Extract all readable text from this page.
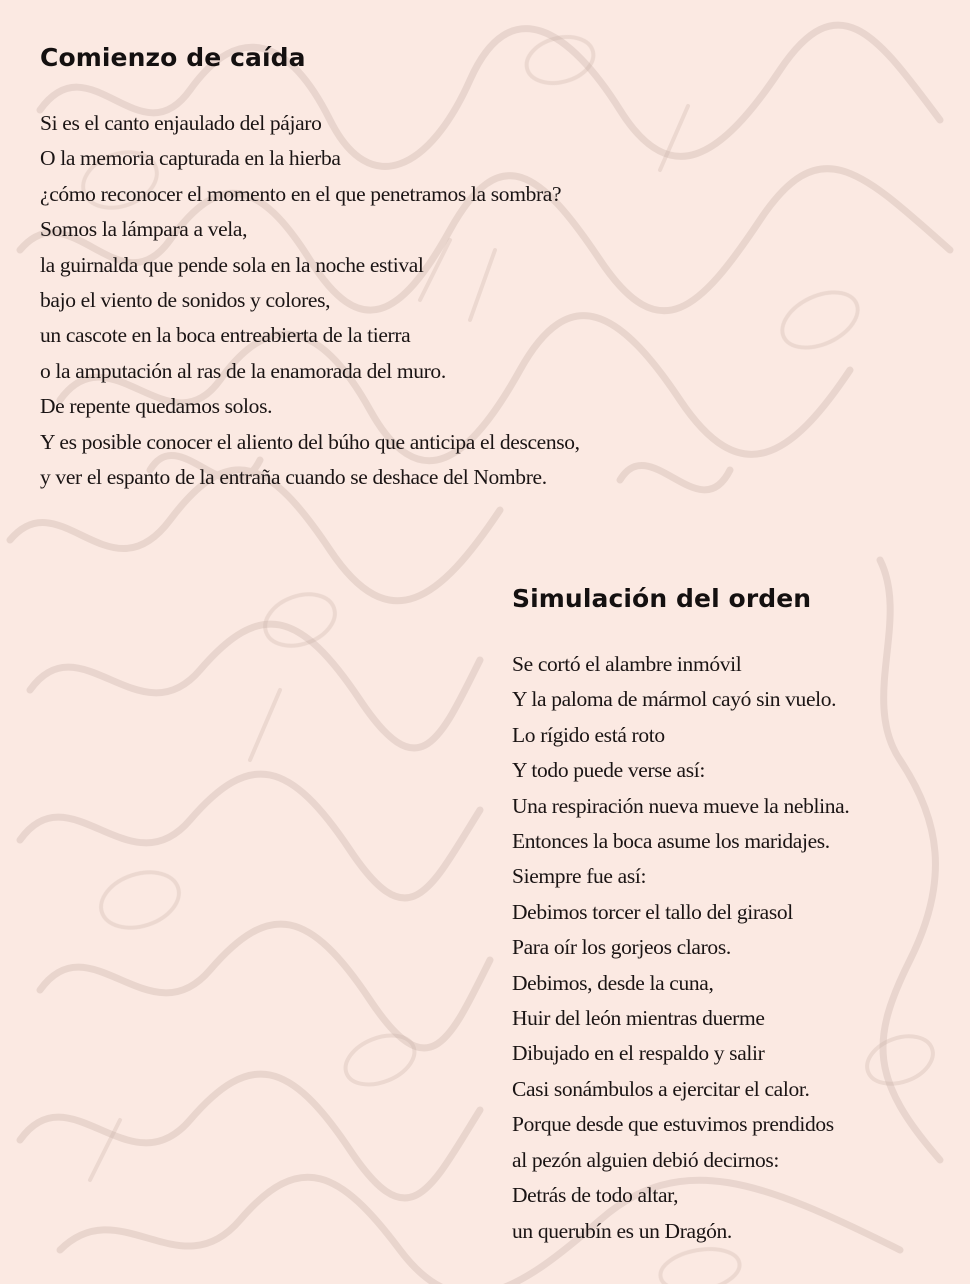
Comienzo de caída
Si es el canto enjaulado del pájaro
O la memoria capturada en la hierba
¿cómo reconocer el momento en el que penetramos la sombra?
Somos la lámpara a vela,
la guirnalda que pende sola en la noche estival
bajo el viento de sonidos y colores,
un cascote en la boca entreabierta de la tierra
o la amputación al ras de la enamorada del muro.
De repente quedamos solos.
Y es posible conocer el aliento del búho que anticipa el descenso,
y ver el espanto de la entraña cuando se deshace del Nombre.
Simulación del orden
Se cortó el alambre inmóvil
Y la paloma de mármol cayó sin vuelo.
Lo rígido está roto
Y todo puede verse así:
Una respiración nueva mueve la neblina.
Entonces la boca asume los maridajes.
Siempre fue así:
Debimos torcer el tallo del girasol
Para oír los gorjeos claros.
Debimos, desde la cuna,
Huir del león mientras duerme
Dibujado en el respaldo y salir
Casi sonámbulos a ejercitar el calor.
Porque desde que estuvimos prendidos
al pezón alguien debió decirnos:
Detrás de todo altar,
un querubín es un Dragón.
